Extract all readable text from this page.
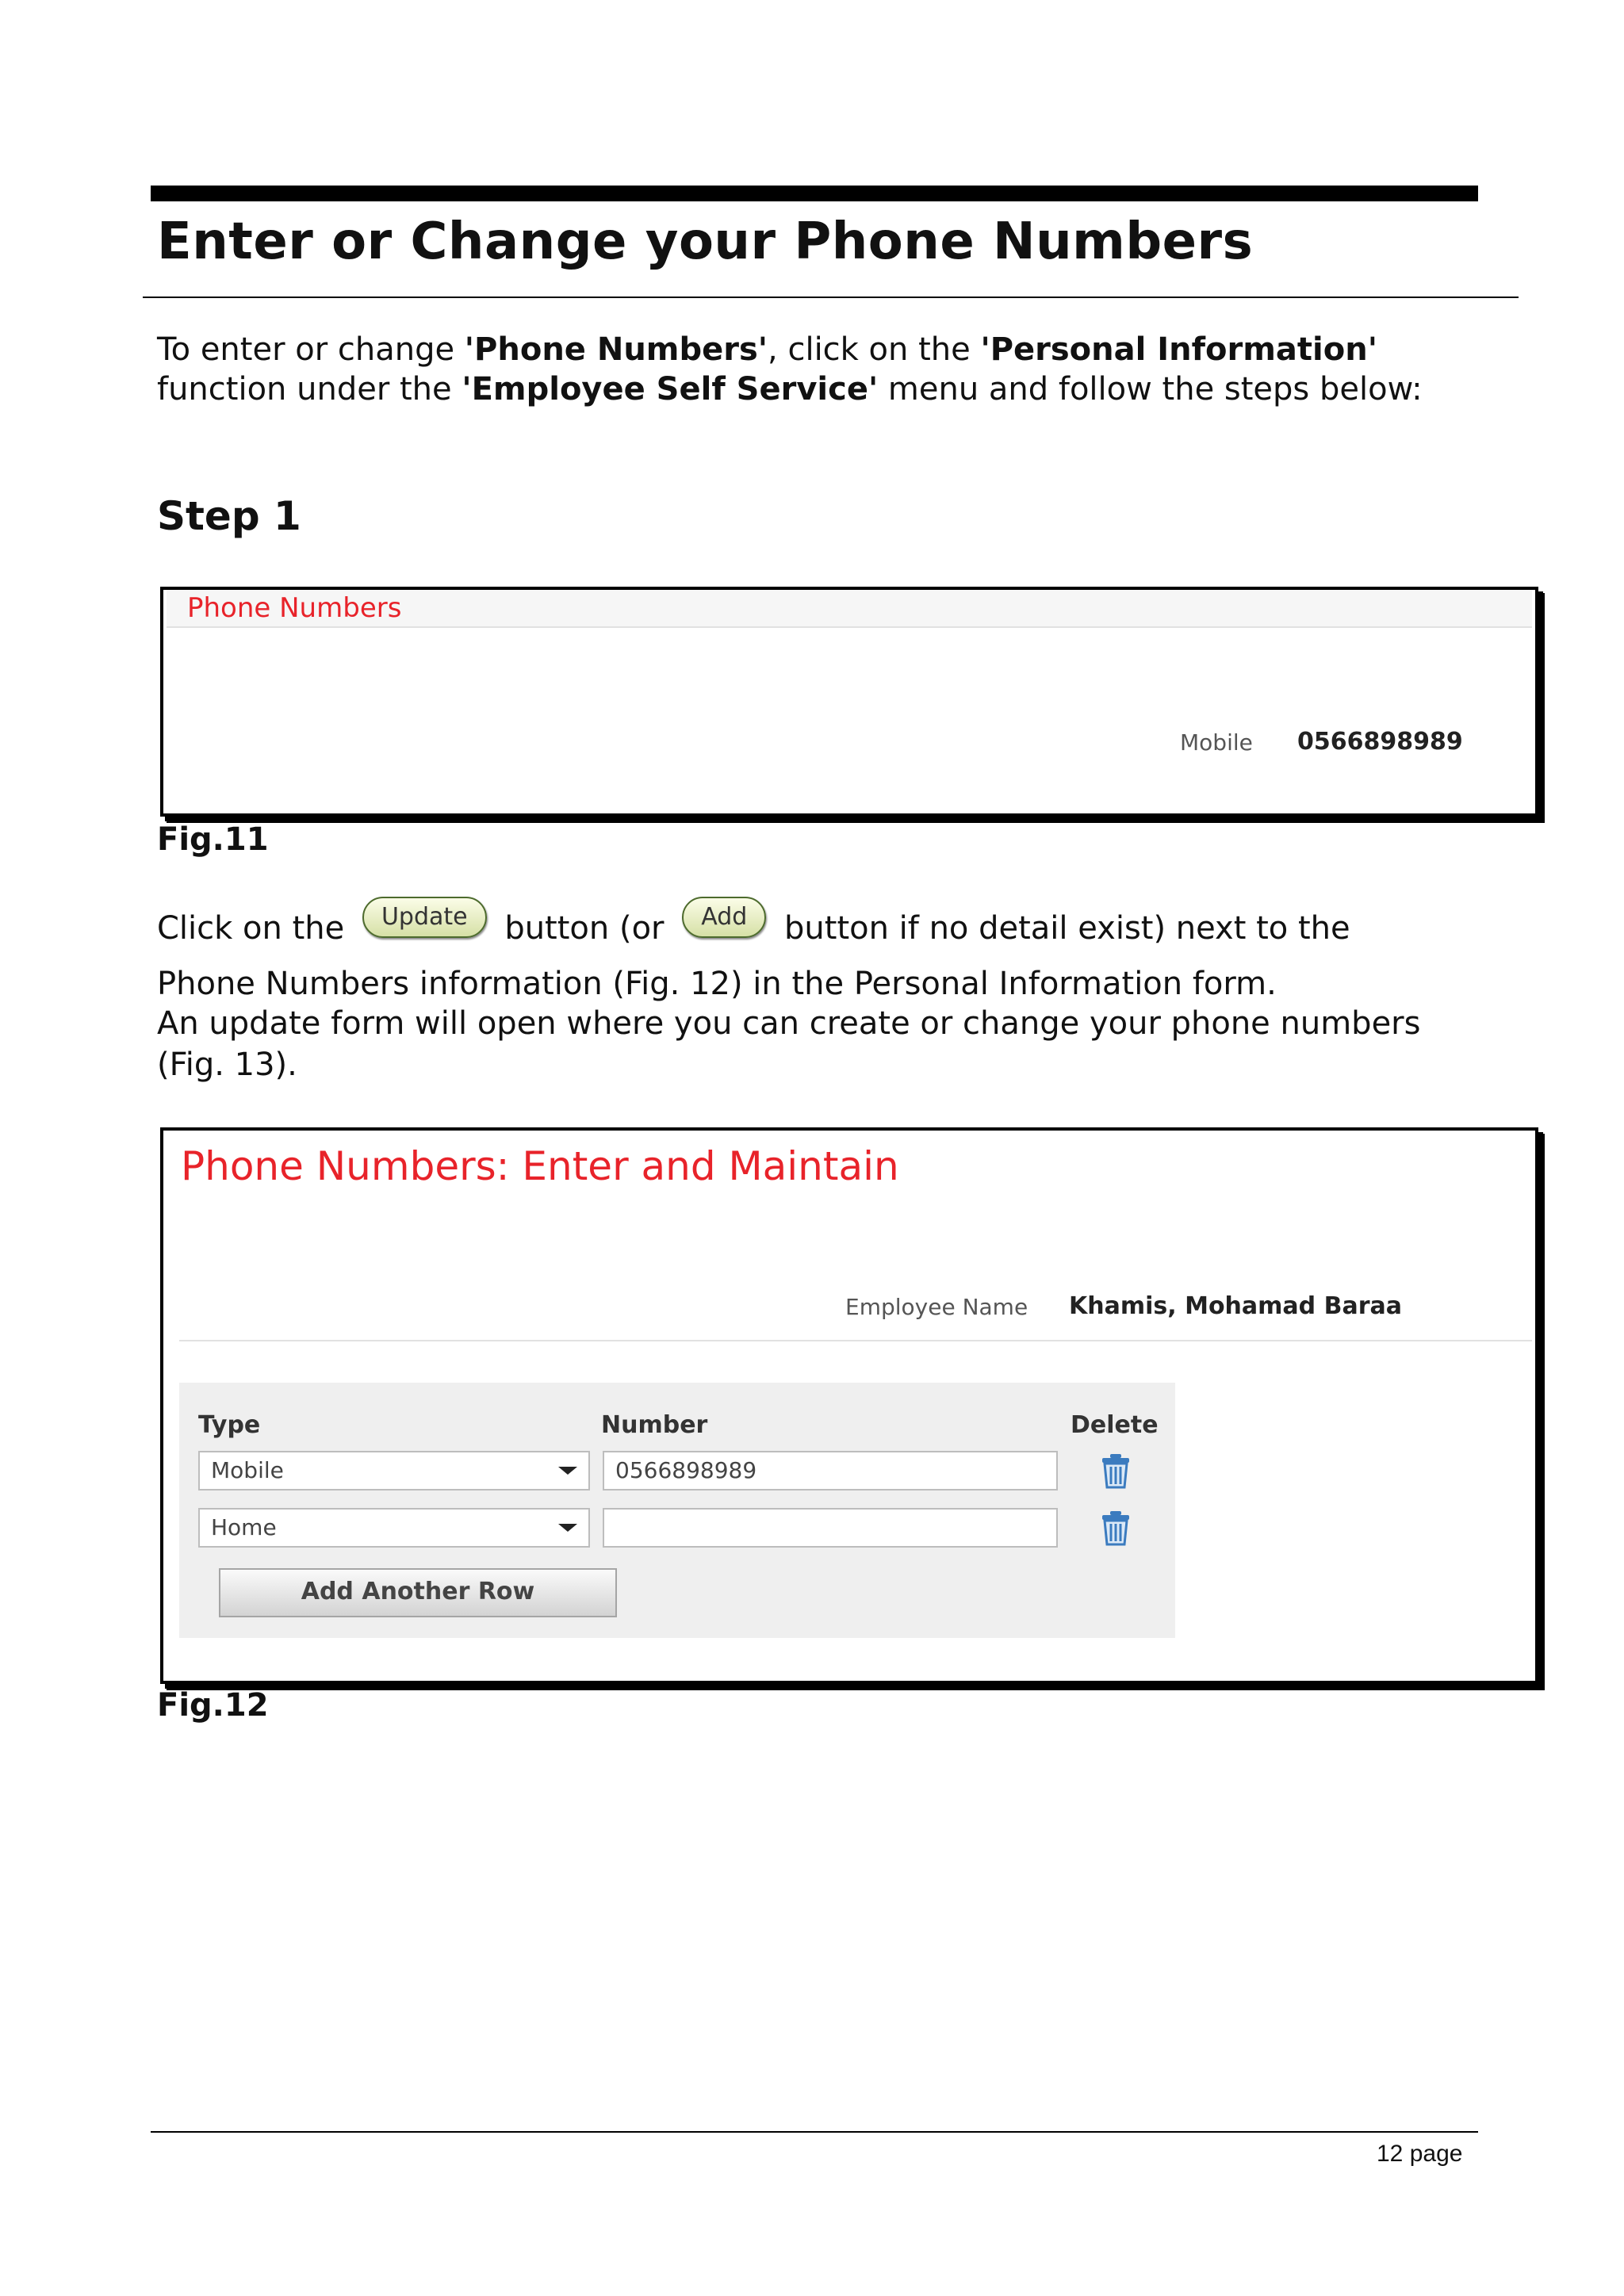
Enter or Change your Phone Numbers
To enter or change 'Phone Numbers', click on the 'Personal Information'
function under the 'Employee Self Service' menu and follow the steps below:
Step 1
Phone Numbers
Mobile 0566898989
Fig.11
Click on the Update button (or Add button if no detail exist) next to the
Phone Numbers information (Fig. 12) in the Personal Information form.
An update form will open where you can create or change your phone numbers
(Fig. 13).
Phone Numbers: Enter and Maintain
Employee Name Khamis, Mohamad Baraa
Type	Number	Delete
Mobile	0566898989
Home
Add Another Row
Fig.12
12 page
